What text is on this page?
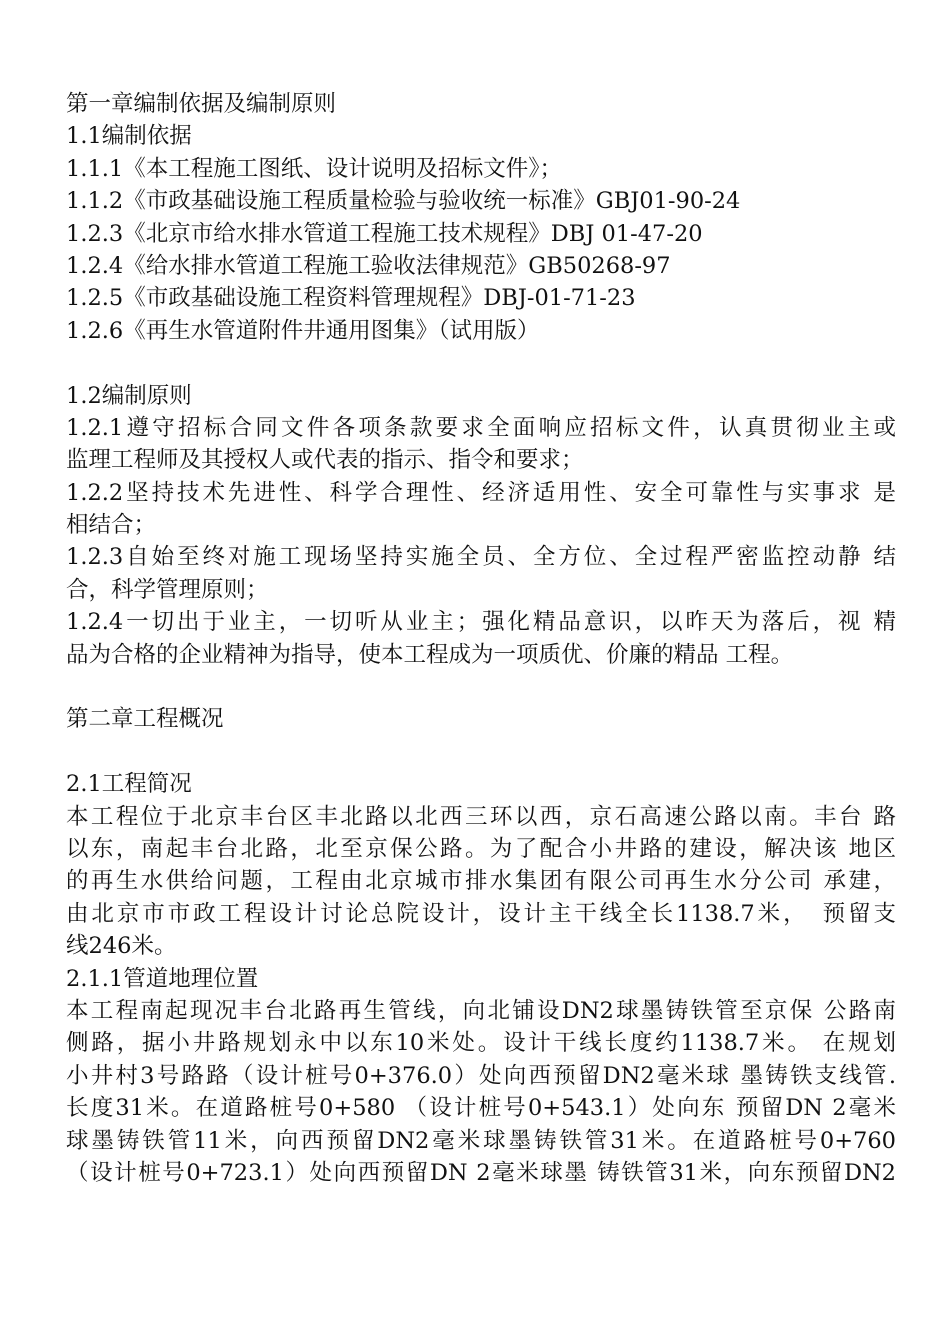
第一章编制依据及编制原则
1.1编制依据
1.1.1《本工程施工图纸、设计说明及招标文件》；
1.1.2《市政基础设施工程质量检验与验收统一标准》GBJ01-90-24
1.2.3《北京市给水排水管道工程施工技术规程》DBJ 01-47-20
1.2.4《给水排水管道工程施工验收法律规范》GB50268-97
1.2.5《市政基础设施工程资料管理规程》DBJ-01-71-23
1.2.6《再生水管道附件井通用图集》（试用版）
1.2编制原则
1.2.1遵守招标合同文件各项条款要求全面响应招标文件，认真贯彻业主或
监理工程师及其授权人或代表的指示、指令和要求；
1.2.2坚持技术先进性、科学合理性、经济适用性、安全可靠性与实事求 是
相结合；
1.2.3自始至终对施工现场坚持实施全员、全方位、全过程严密监控动静 结
合，科学管理原则；
1.2.4一切出于业主，一切听从业主；强化精品意识，以昨天为落后，视 精
品为合格的企业精神为指导，使本工程成为一项质优、价廉的精品 工程。
第二章工程概况
2.1工程简况
本工程位于北京丰台区丰北路以北西三环以西，京石高速公路以南。丰台 路
以东，南起丰台北路，北至京保公路。为了配合小井路的建设，解决该 地区
的再生水供给问题，工程由北京城市排水集团有限公司再生水分公司 承建，
由北京市市政工程设计讨论总院设计，设计主干线全长1138.7米，　预留支
线246米。
2.1.1管道地理位置
本工程南起现况丰台北路再生管线，向北铺设DN2球墨铸铁管至京保 公路南
侧路，据小井路规划永中以东10米处。设计干线长度约1138.7米。 在规划
小井村3号路路（设计桩号0+376.0）处向西预留DN2毫米球 墨铸铁支线管.
长度31米。在道路桩号0+580 （设计桩号0+543.1）处向东 预留DN 2毫米
球墨铸铁管11米，向西预留DN2毫米球墨铸铁管31米。在道路桩号0+760
（设计桩号0+723.1）处向西预留DN 2毫米球墨 铸铁管31米，向东预留DN2
